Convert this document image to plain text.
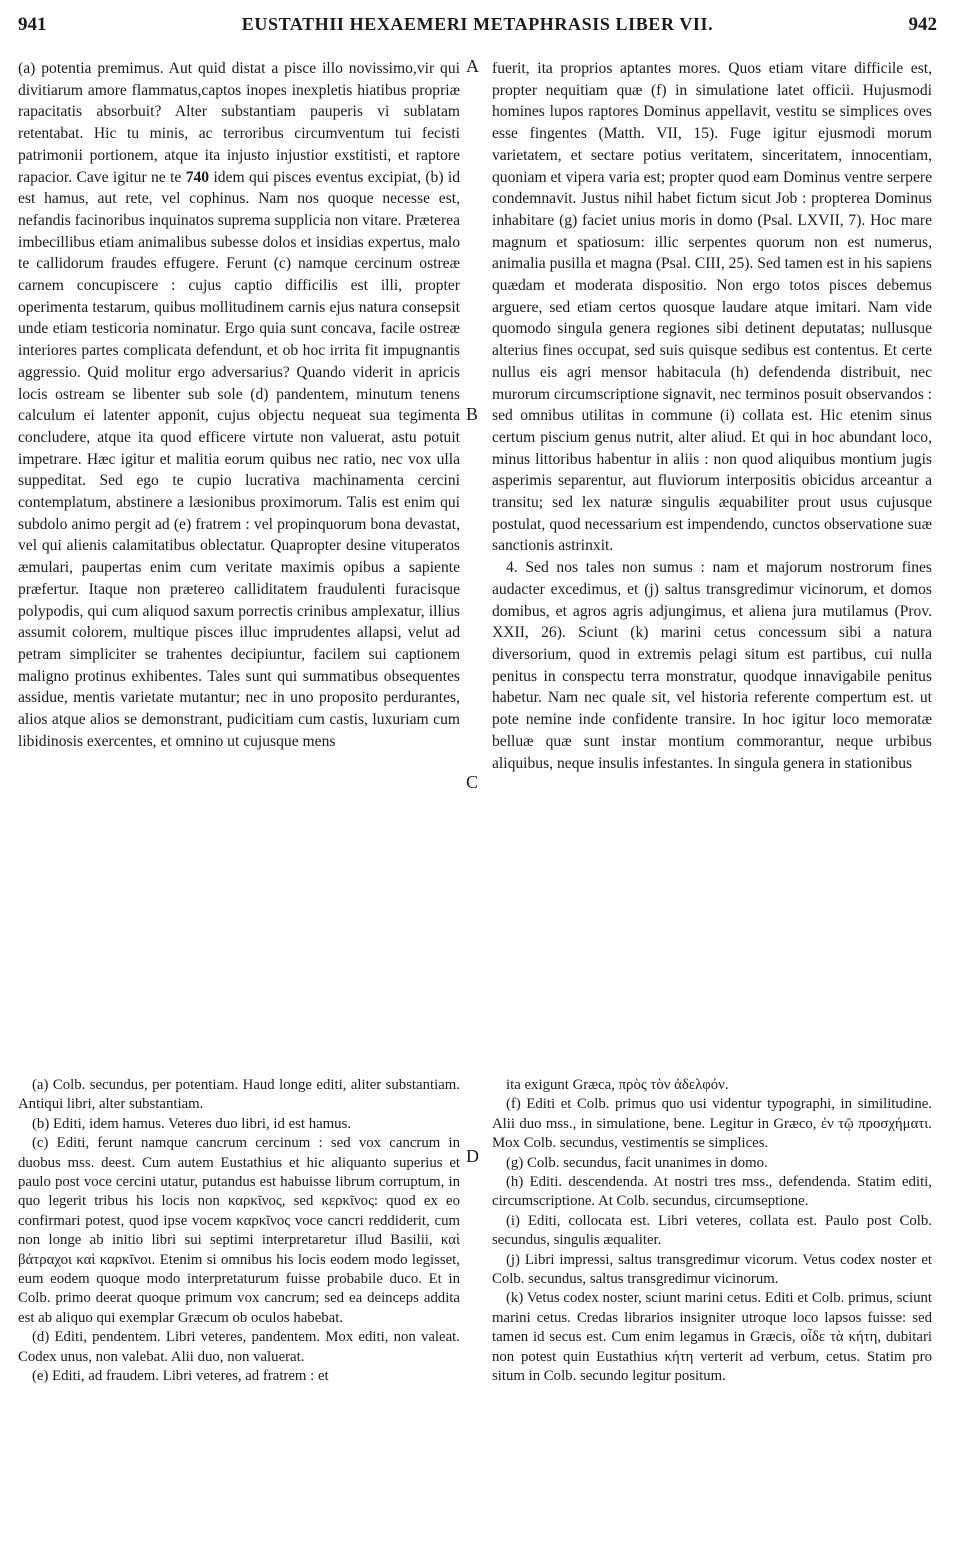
941	EUSTATHII HEXAEMERI METAPHRASIS LIBER VII.	942

(a) potentia premimus. Aut quid distat a pisce illo novissimo,vir qui divitiarum amore flammatus,captos inopes inexpletis hiatibus propriæ rapacitatis absorbuit? Alter substantiam pauperis vi sublatam retentabat. Hic tu minis, ac terroribus circumventum tui fecisti patrimonii portionem, atque ita injusto injustior exstitisti, et raptore rapacior. Cave igitur ne te 740 idem qui pisces eventus excipiat, (b) id est hamus, aut rete, vel cophinus. Nam nos quoque necesse est, nefandis facinoribus inquinatos suprema supplicia non vitare. Præterea imbecillibus etiam animalibus subesse dolos et insidias expertus, malo te callidorum fraudes effugere. Ferunt (c) namque cercinum ostreæ carnem concupiscere : cujus captio difficilis est illi, propter operimenta testarum, quibus mollitudinem carnis ejus natura consepsit unde etiam testicoria nominatur. Ergo quia sunt concava, facile ostreæ interiores partes complicata defendunt, et ob hoc irrita fit impugnantis aggressio. Quid molitur ergo adversarius? Quando viderit in apricis locis ostream se libenter sub sole (d) pandentem, minutum tenens calculum ei latenter apponit, cujus objectu nequeat sua tegimenta concludere, atque ita quod efficere virtute non valuerat, astu potuit impetrare. Hæc igitur et malitia eorum quibus nec ratio, nec vox ulla suppeditat. Sed ego te cupio lucrativa machinamenta cercini contemplatum, abstinere a læsionibus proximorum. Talis est enim qui subdolo animo pergit ad (e) fratrem : vel propinquorum bona devastat, vel qui alienis calamitatibus oblectatur. Quapropter desine vituperatos æmulari, paupertas enim cum veritate maximis opibus a sapiente præfertur. Itaque non prætereo calliditatem fraudulenti furacisque polypodis, qui cum aliquod saxum porrectis crinibus amplexatur, illius assumit colorem, multique pisces illuc imprudentes allapsi, velut ad petram simpliciter se trahentes decipiuntur, facilem sui captionem maligno protinus exhibentes. Tales sunt qui summatibus obsequentes assidue, mentis varietate mutantur; nec in uno proposito perdurantes, alios atque alios se demonstrant, pudicitiam cum castis, luxuriam cum libidinosis exercentes, et omnino ut cujusque mens

A
B
C
D

fuerit, ita proprios aptantes mores. Quos etiam vitare difficile est, propter nequitiam quæ (f) in simulatione latet officii. Hujusmodi homines lupos raptores Dominus appellavit, vestitu se simplices oves esse fingentes (Matth. VII, 15). Fuge igitur ejusmodi morum varietatem, et sectare potius veritatem, sinceritatem, innocentiam, quoniam et vipera varia est; propter quod eam Dominus ventre serpere condemnavit. Justus nihil habet fictum sicut Job : propterea Dominus inhabitare (g) faciet unius moris in domo (Psal. LXVII, 7). Hoc mare magnum et spatiosum: illic serpentes quorum non est numerus, animalia pusilla et magna (Psal. CIII, 25). Sed tamen est in his sapiens quædam et moderata dispositio. Non ergo totos pisces debemus arguere, sed etiam certos quosque laudare atque imitari. Nam vide quomodo singula genera regiones sibi detinent deputatas; nullusque alterius fines occupat, sed suis quisque sedibus est contentus. Et certe nullus eis agri mensor habitacula (h) defendenda distribuit, nec murorum circumscriptione signavit, nec terminos posuit observandos : sed omnibus utilitas in commune (i) collata est. Hic etenim sinus certum piscium genus nutrit, alter aliud. Et qui in hoc abundant loco, minus littoribus habentur in aliis : non quod aliquibus montium jugis asperimis separentur, aut fluviorum interpositis obicidus arceantur a transitu; sed lex naturæ singulis æquabiliter prout usus cujusque postulat, quod necessarium est impendendo, cunctos observatione suæ sanctionis astrinxit.

4. Sed nos tales non sumus : nam et majorum nostrorum fines audacter excedimus, et (j) saltus transgredimur vicinorum, et domos domibus, et agros agris adjungimus, et aliena jura mutilamus (Prov. XXII, 26). Sciunt (k) marini cetus concessum sibi a natura diversorium, quod in extremis pelagi situm est partibus, cui nulla penitus in conspectu terra monstratur, quodque innavigabile penitus habetur. Nam nec quale sit, vel historia referente compertum est. ut pote nemine inde confidente transire. In hoc igitur loco memoratæ belluæ quæ sunt instar montium commorantur, neque urbibus aliquibus, neque insulis infestantes. In singula genera in stationibus

(a) Colb. secundus, per potentiam. Haud longe editi, aliter substantiam. Antiqui libri, alter substantiam.

(b) Editi, idem hamus. Veteres duo libri, id est hamus.

(c) Editi, ferunt namque cancrum cercinum : sed vox cancrum in duobus mss. deest. Cum autem Eustathius et hic aliquanto superius et paulo post voce cercini utatur, putandus est habuisse librum corruptum, in quo legerit tribus his locis non καρκῖνος, sed κερκῖνος: quod ex eo confirmari potest, quod ipse vocem καρκῖνος voce cancri reddiderit, cum non longe ab initio libri sui septimi interpretaretur illud Basilii, καὶ βάτραχοι καὶ καρκῖνοι. Etenim si omnibus his locis eodem modo legisset, eum eodem quoque modo interpretaturum fuisse probabile duco. Et in Colb. primo deerat quoque primum vox cancrum; sed ea deinceps addita est ab aliquo qui exemplar Græcum ob oculos habebat.

(d) Editi, pendentem. Libri veteres, pandentem. Mox editi, non valeat. Codex unus, non valebat. Alii duo, non valuerat.

(e) Editi, ad fraudem. Libri veteres, ad fratrem : et

ita exigunt Græca, πρὸς τὸν ἀδελφόν.

(f) Editi et Colb. primus quo usi videntur typographi, in similitudine. Alii duo mss., in simulatione, bene. Legitur in Græco, ἐν τῷ προσχήματι. Mox Colb. secundus, vestimentis se simplices.

(g) Colb. secundus, facit unanimes in domo.

(h) Editi. descendenda. At nostri tres mss., defendenda. Statim editi, circumscriptione. At Colb. secundus, circumseptione.

(i) Editi, collocata est. Libri veteres, collata est. Paulo post Colb. secundus, singulis æqualiter.

(j) Libri impressi, saltus transgredimur vicorum. Vetus codex noster et Colb. secundus, saltus transgredimur vicinorum.

(k) Vetus codex noster, sciunt marini cetus. Editi et Colb. primus, sciunt marini cetus. Credas librarios insigniter utroque loco lapsos fuisse: sed tamen id secus est. Cum enim legamus in Græcis, οἶδε τὰ κήτη, dubitari non potest quin Eustathius κήτη verterit ad verbum, cetus. Statim pro situm in Colb. secundo legitur positum.
